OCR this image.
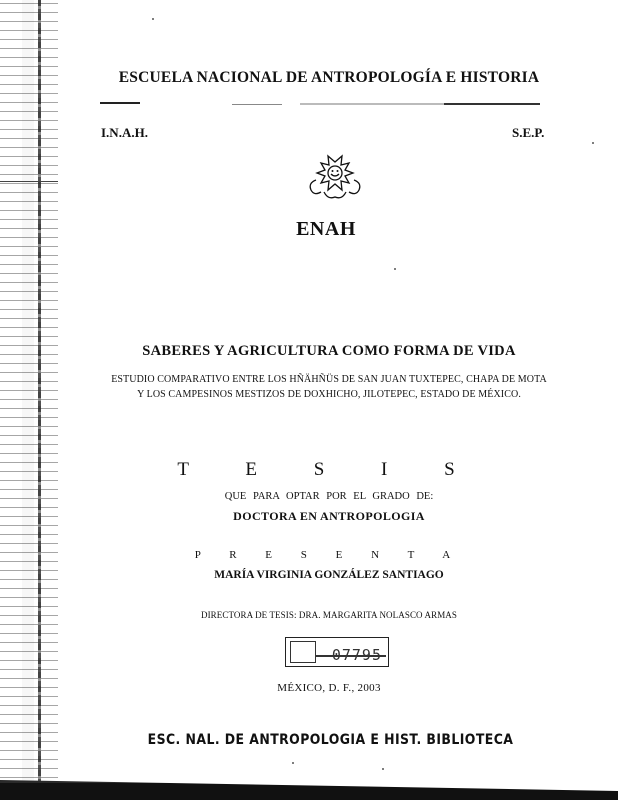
ESCUELA NACIONAL DE ANTROPOLOGÍA E HISTORIA
I.N.A.H.	S.E.P.
ENAH
SABERES Y AGRICULTURA COMO FORMA DE VIDA
ESTUDIO COMPARATIVO ENTRE LOS HÑÄHÑÜS DE SAN JUAN TUXTEPEC, CHAPA DE MOTA
Y LOS CAMPESINOS MESTIZOS DE DOXHICHO, JILOTEPEC, ESTADO DE MÉXICO.
T E S I S
QUE PARA OPTAR POR EL GRADO DE:
DOCTORA EN ANTROPOLOGIA
P R E S E N T A
MARÍA VIRGINIA GONZÁLEZ SANTIAGO
DIRECTORA DE TESIS: DRA. MARGARITA NOLASCO ARMAS
07795
MÉXICO, D. F., 2003
ESC. NAL. DE ANTROPOLOGIA E HIST. BIBLIOTECA
